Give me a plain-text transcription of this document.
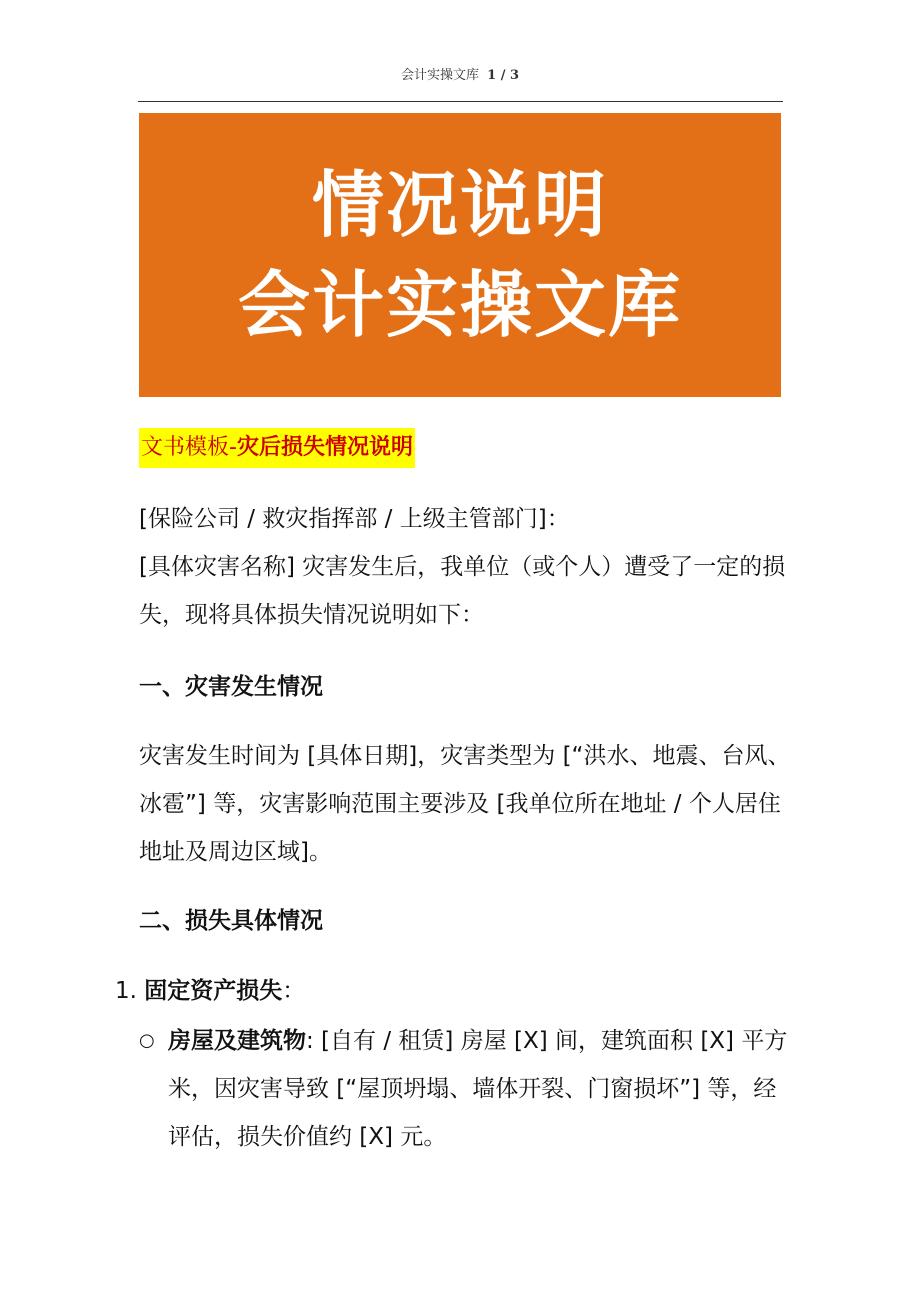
会计实操文库 1 / 3
情况说明
会计实操文库
文书模板-灾后损失情况说明

[保险公司 / 救灾指挥部 / 上级主管部门]：

[具体灾害名称] 灾害发生后，我单位（或个人）遭受了一定的损失，现将具体损失情况说明如下：

一、灾害发生情况

灾害发生时间为 [具体日期]，灾害类型为 [“洪水、地震、台风、冰雹”] 等，灾害影响范围主要涉及 [我单位所在地址 / 个人居住地址及周边区域]。

二、损失具体情况
1. 固定资产损失：
○ 房屋及建筑物: [自有 / 租赁] 房屋 [X] 间，建筑面积 [X] 平方米，因灾害导致 [“屋顶坍塌、墙体开裂、门窗损坏”] 等，经评估，损失价值约 [X] 元。
